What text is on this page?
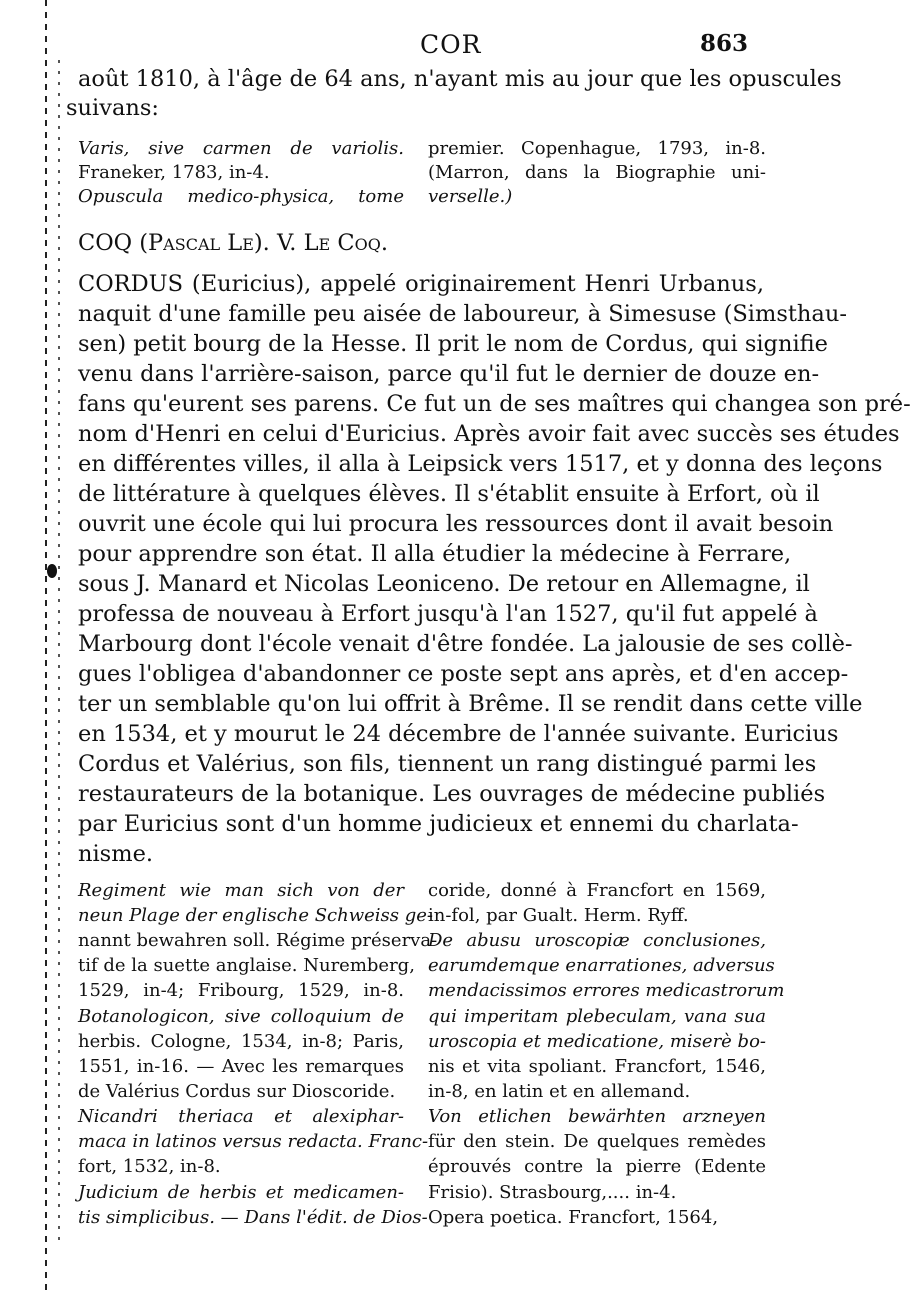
COR	863
août 1810, à l'âge de 64 ans, n'ayant mis au jour que les opuscules
suivans:
Varis, sive carmen de variolis.
Franeker, 1783, in-4.
Opuscula medico-physica, tome
premier. Copenhague, 1793, in-8.
(Marron, dans la Biographie uni-
verselle.)
COQ (Pascal Le). V. Le Coq.
CORDUS (Euricius), appelé originairement Henri Urbanus,
naquit d'une famille peu aisée de laboureur, à Simesuse (Simsthau-
sen) petit bourg de la Hesse. Il prit le nom de Cordus, qui signifie
venu dans l'arrière-saison, parce qu'il fut le dernier de douze en-
fans qu'eurent ses parens. Ce fut un de ses maîtres qui changea son pré-
nom d'Henri en celui d'Euricius. Après avoir fait avec succès ses études
en différentes villes, il alla à Leipsick vers 1517, et y donna des leçons
de littérature à quelques élèves. Il s'établit ensuite à Erfort, où il
ouvrit une école qui lui procura les ressources dont il avait besoin
pour apprendre son état. Il alla étudier la médecine à Ferrare,
sous J. Manard et Nicolas Leoniceno. De retour en Allemagne, il
professa de nouveau à Erfort jusqu'à l'an 1527, qu'il fut appelé à
Marbourg dont l'école venait d'être fondée. La jalousie de ses collè-
gues l'obligea d'abandonner ce poste sept ans après, et d'en accep-
ter un semblable qu'on lui offrit à Brême. Il se rendit dans cette ville
en 1534, et y mourut le 24 décembre de l'année suivante. Euricius
Cordus et Valérius, son fils, tiennent un rang distingué parmi les
restaurateurs de la botanique. Les ouvrages de médecine publiés
par Euricius sont d'un homme judicieux et ennemi du charlata-
nisme.
Regiment wie man sich von der
neun Plage der englische Schweiss ge-
nannt bewahren soll. Régime préserva-
tif de la suette anglaise. Nuremberg,
1529, in-4; Fribourg, 1529, in-8.
Botanologicon, sive colloquium de
herbis. Cologne, 1534, in-8; Paris,
1551, in-16. — Avec les remarques
de Valérius Cordus sur Dioscoride.
Nicandri theriaca et alexiphar-
maca in latinos versus redacta. Franc-
fort, 1532, in-8.
Judicium de herbis et medicamen-
tis simplicibus. — Dans l'édit. de Dios-
coride, donné à Francfort en 1569,
in-fol, par Gualt. Herm. Ryff.
De abusu uroscopiæ conclusiones,
earumdemque enarrationes, adversus
mendacissimos errores medicastrorum
qui imperitam plebeculam, vana sua
uroscopia et medicatione, miserè bo-
nis et vita spoliant. Francfort, 1546,
in-8, en latin et en allemand.
Von etlichen bewärhten arzneyen
für den stein. De quelques remèdes
éprouvés contre la pierre (Edente
Frisio). Strasbourg,.... in-4.
Opera poetica. Francfort, 1564,
